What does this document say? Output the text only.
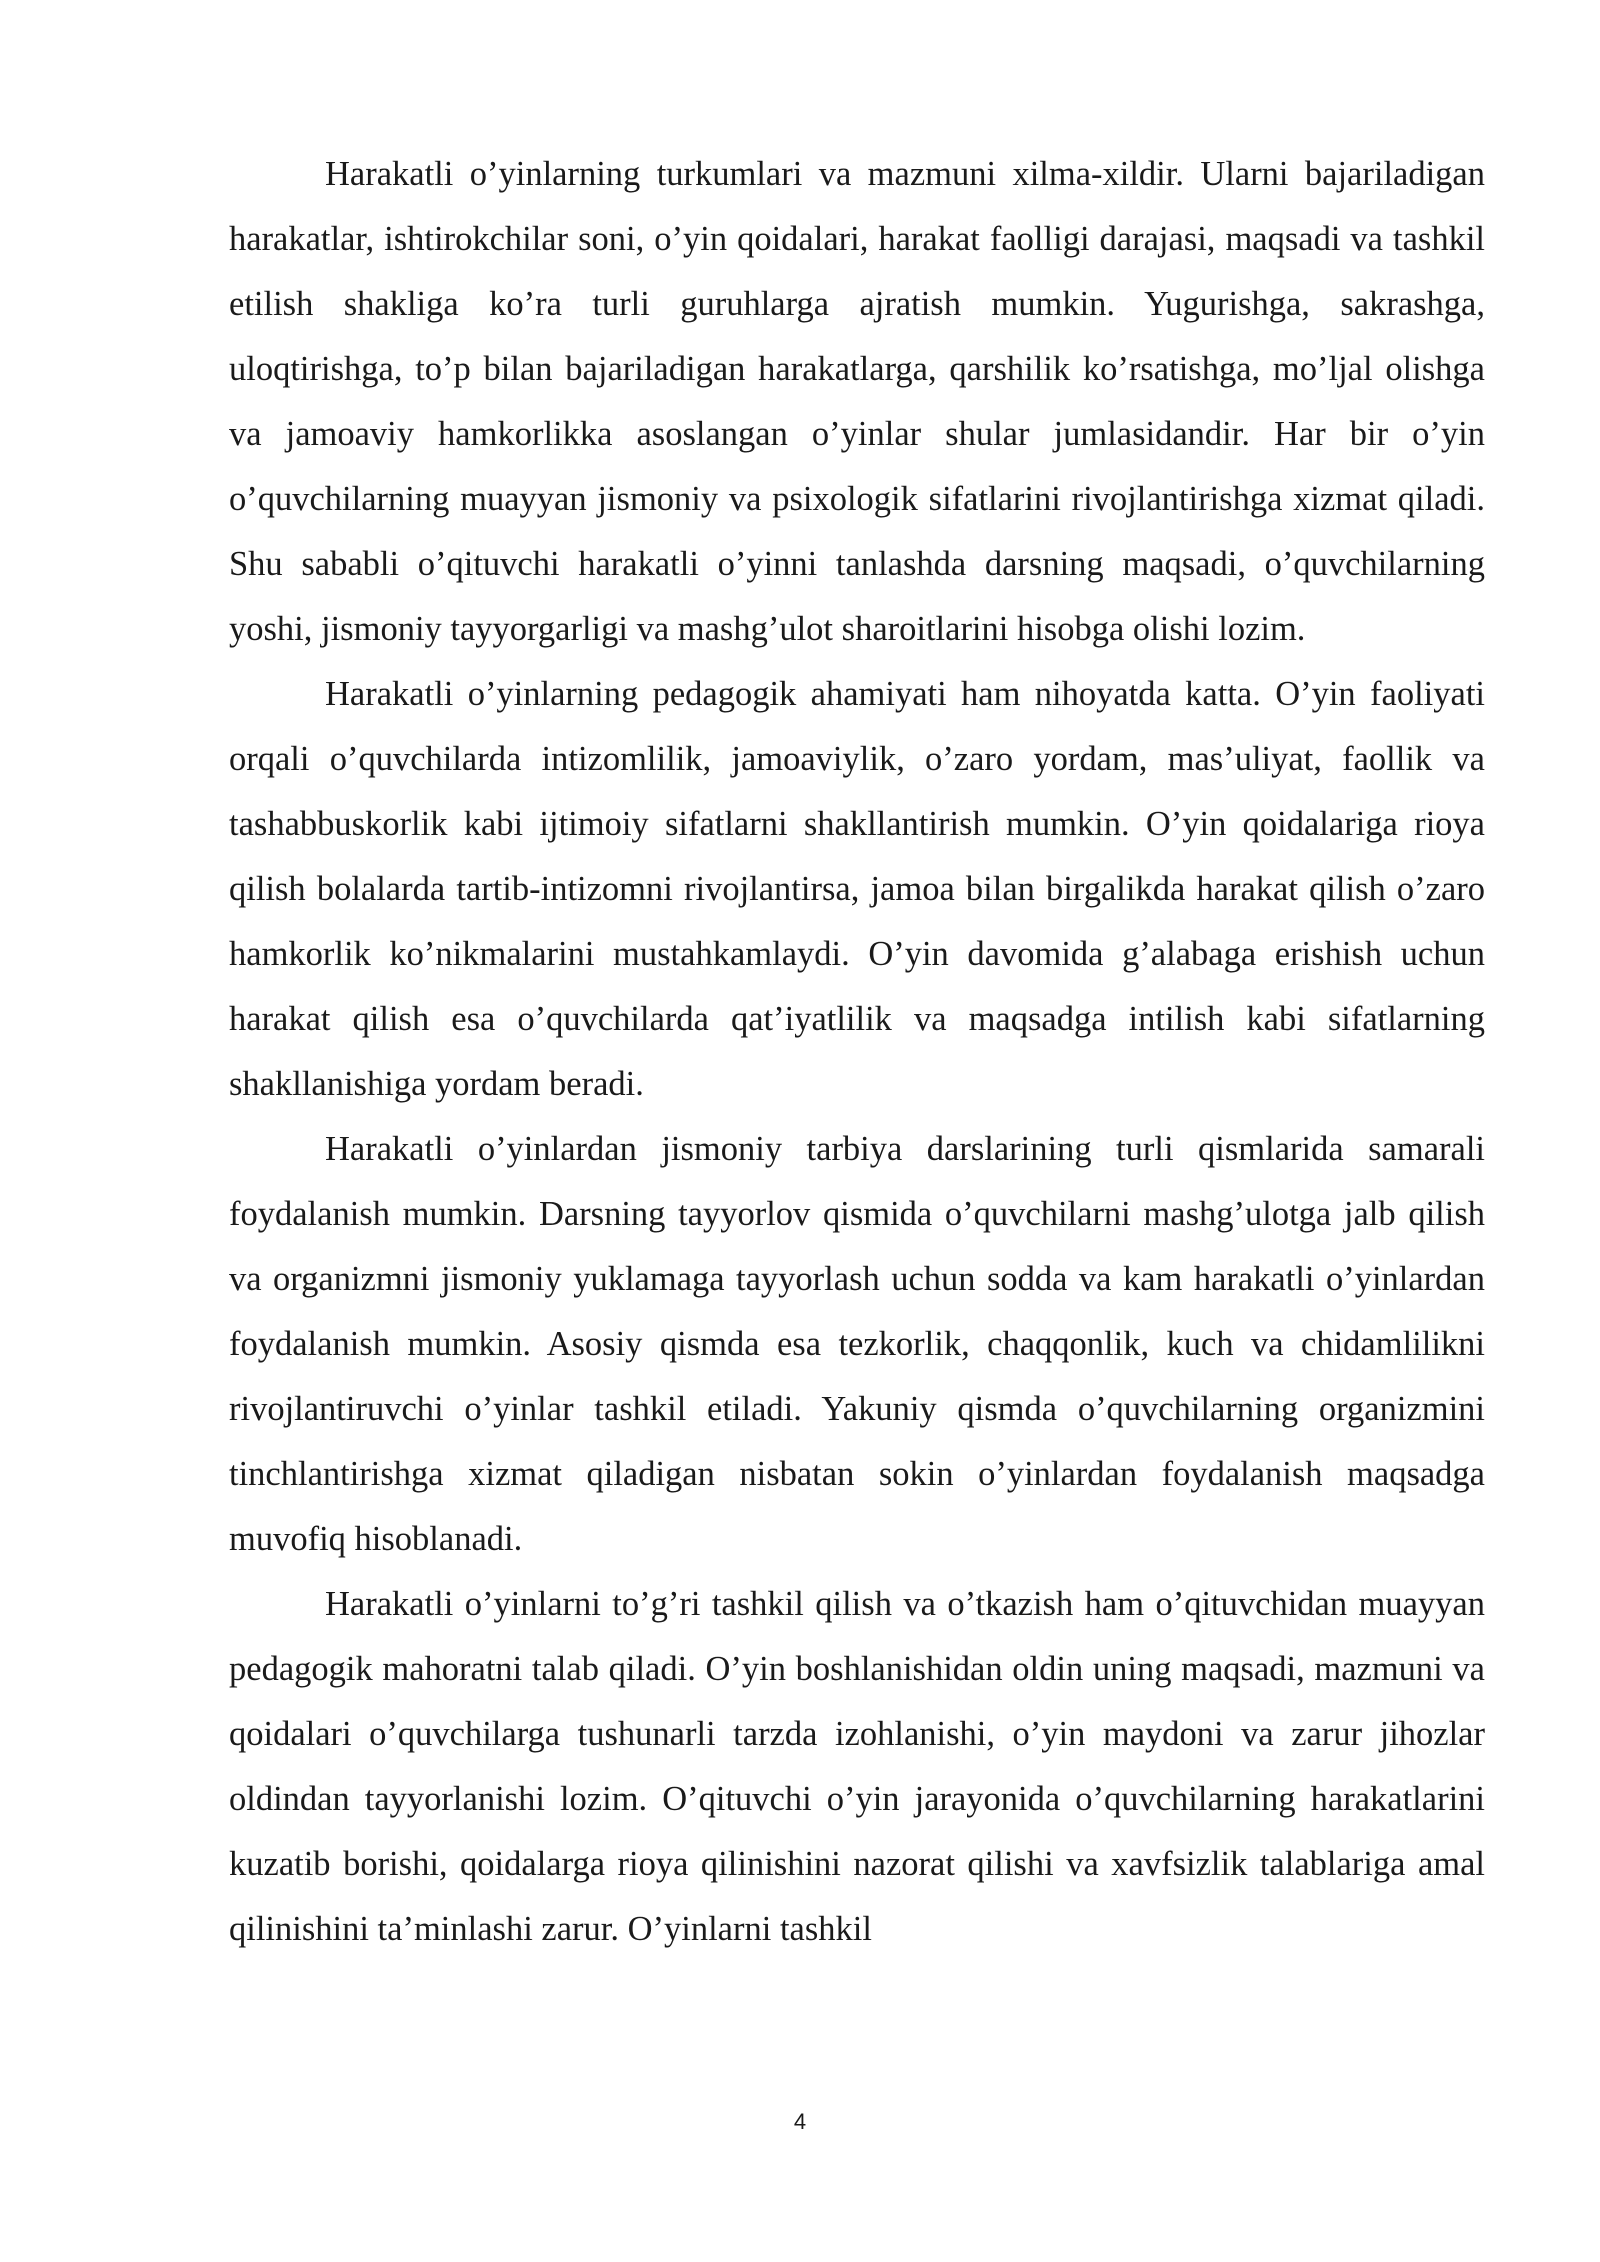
Harakatli o’yinlarning turkumlari va mazmuni xilma-xildir. Ularni bajariladigan harakatlar, ishtirokchilar soni, o’yin qoidalari, harakat faolligi darajasi, maqsadi va tashkil etilish shakliga ko’ra turli guruhlarga ajratish mumkin. Yugurishga, sakrashga, uloqtirishga, to’p bilan bajariladigan harakatlarga, qarshilik ko’rsatishga, mo’ljal olishga va jamoaviy hamkorlikka asoslangan o’yinlar shular jumlasidandir. Har bir o’yin o’quvchilarning muayyan jismoniy va psixologik sifatlarini rivojlantirishga xizmat qiladi. Shu sababli o’qituvchi harakatli o’yinni tanlashda darsning maqsadi, o’quvchilarning yoshi, jismoniy tayyorgarligi va mashg’ulot sharoitlarini hisobga olishi lozim.

Harakatli o’yinlarning pedagogik ahamiyati ham nihoyatda katta. O’yin faoliyati orqali o’quvchilarda intizomlilik, jamoaviylik, o’zaro yordam, mas’uliyat, faollik va tashabbuskorlik kabi ijtimoiy sifatlarni shakllantirish mumkin. O’yin qoidalariga rioya qilish bolalarda tartib-intizomni rivojlantirsa, jamoa bilan birgalikda harakat qilish o’zaro hamkorlik ko’nikmalarini mustahkamlaydi. O’yin davomida g’alabaga erishish uchun harakat qilish esa o’quvchilarda qat’iyatlilik va maqsadga intilish kabi sifatlarning shakllanishiga yordam beradi.

Harakatli o’yinlardan jismoniy tarbiya darslarining turli qismlarida samarali foydalanish mumkin. Darsning tayyorlov qismida o’quvchilarni mashg’ulotga jalb qilish va organizmni jismoniy yuklamaga tayyorlash uchun sodda va kam harakatli o’yinlardan foydalanish mumkin. Asosiy qismda esa tezkorlik, chaqqonlik, kuch va chidamlilikni rivojlantiruvchi o’yinlar tashkil etiladi. Yakuniy qismda o’quvchilarning organizmini tinchlantirishga xizmat qiladigan nisbatan sokin o’yinlardan foydalanish maqsadga muvofiq hisoblanadi.

Harakatli o’yinlarni to’g’ri tashkil qilish va o’tkazish ham o’qituvchidan muayyan pedagogik mahoratni talab qiladi. O’yin boshlanishidan oldin uning maqsadi, mazmuni va qoidalari o’quvchilarga tushunarli tarzda izohlanishi, o’yin maydoni va zarur jihozlar oldindan tayyorlanishi lozim. O’qituvchi o’yin jarayonida o’quvchilarning harakatlarini kuzatib borishi, qoidalarga rioya qilinishini nazorat qilishi va xavfsizlik talablariga amal qilinishini ta’minlashi zarur. O’yinlarni tashkil

4
